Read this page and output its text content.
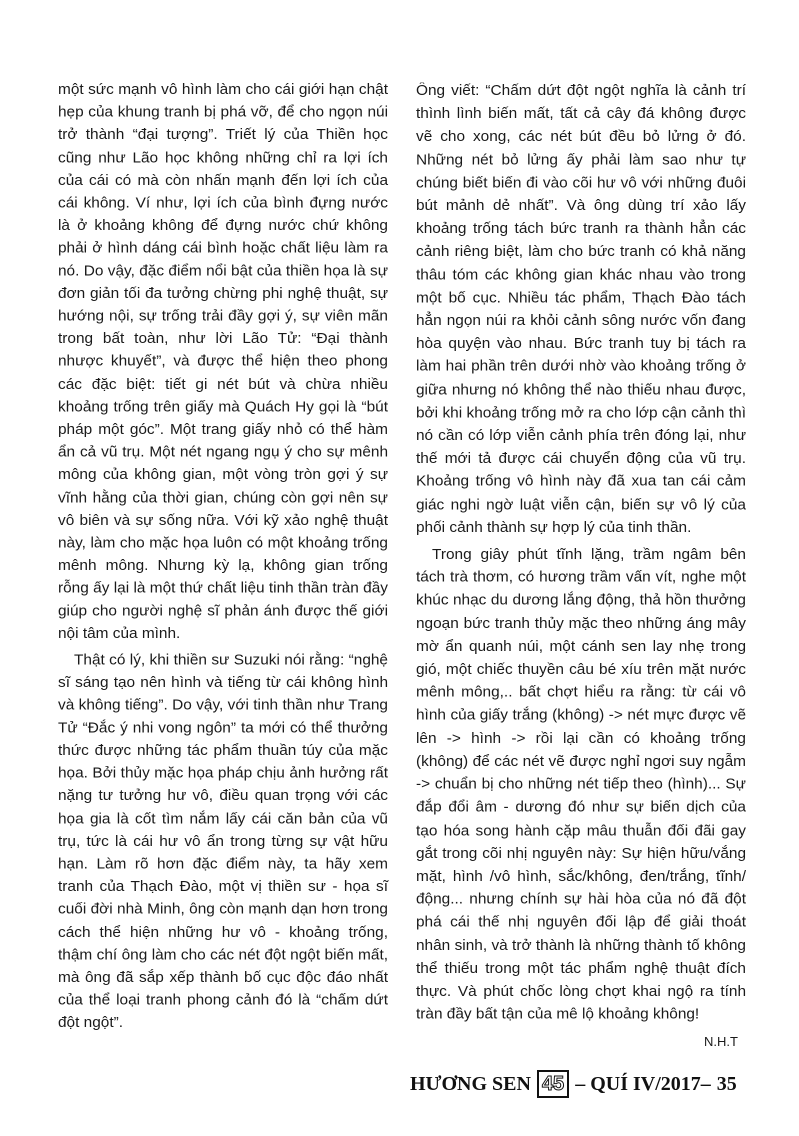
một sức mạnh vô hình làm cho cái giới hạn chật hẹp của khung tranh bị phá vỡ, để cho ngọn núi trở thành “đại tượng”. Triết lý của Thiền học cũng như Lão học không những chỉ ra lợi ích của cái có mà còn nhấn mạnh đến lợi ích của cái không. Ví như, lợi ích của bình đựng nước là ở khoảng không để đựng nước chứ không phải ở hình dáng cái bình hoặc chất liệu làm ra nó. Do vậy, đặc điểm nổi bật của thiền họa là sự đơn giản tối đa tưởng chừng phi nghệ thuật, sự hướng nội, sự trống trải đầy gợi ý, sự viên mãn trong bất toàn, như lời Lão Tử: “Đại thành nhược khuyết”, và được thể hiện theo phong các đặc biệt: tiết gi nét bút và chừa nhiều khoảng trống trên giấy mà Quách Hy gọi là “bút pháp một góc”. Một trang giấy nhỏ có thể hàm ẩn cả vũ trụ. Một nét ngang ngụ ý cho sự mênh mông của không gian, một vòng tròn gợi ý sự vĩnh hằng của thời gian, chúng còn gợi nên sự vô biên và sự sống nữa. Với kỹ xảo nghệ thuật này, làm cho mặc họa luôn có một khoảng trống mênh mông. Nhưng kỳ lạ, không gian trống rỗng ấy lại là một thứ chất liệu tinh thần tràn đầy giúp cho người nghệ sĩ phản ánh được thế giới nội tâm của mình.

Thật có lý, khi thiền sư Suzuki nói rằng: “nghệ sĩ sáng tạo nên hình và tiếng từ cái không hình và không tiếng”. Do vậy, với tinh thần như Trang Tử “Đắc ý nhi vong ngôn” ta mới có thể thưởng thức được những tác phẩm thuần túy của mặc họa. Bởi thủy mặc họa pháp chịu ảnh hưởng rất nặng tư tưởng hư vô, điều quan trọng với các họa gia là cốt tìm nắm lấy cái căn bản của vũ trụ, tức là cái hư vô ẩn trong từng sự vật hữu hạn. Làm rõ hơn đặc điểm này, ta hãy xem tranh của Thạch Đào, một vị thiền sư - họa sĩ cuối đời nhà Minh, ông còn mạnh dạn hơn trong cách thể hiện những hư vô - khoảng trống, thậm chí ông làm cho các nét đột ngột biến mất, mà ông đã sắp xếp thành bố cục độc đáo nhất của thể loại tranh phong cảnh đó là “chấm dứt đột ngột”.

Ông viết: “Chấm dứt đột ngột nghĩa là cảnh trí thình lình biến mất, tất cả cây đá không được vẽ cho xong, các nét bút đều bỏ lửng ở đó. Những nét bỏ lửng ấy phải làm sao như tự chúng biết biến đi vào cõi hư vô với những đuôi bút mảnh dẻ nhất”. Và ông dùng trí xảo lấy khoảng trống tách bức tranh ra thành hẳn các cảnh riêng biệt, làm cho bức tranh có khả năng thâu tóm các không gian khác nhau vào trong một bố cục. Nhiều tác phẩm, Thạch Đào tách hẳn ngọn núi ra khỏi cảnh sông nước vốn đang hòa quyện vào nhau. Bức tranh tuy bị tách ra làm hai phần trên dưới nhờ vào khoảng trống ở giữa nhưng nó không thể nào thiếu nhau được, bởi khi khoảng trống mở ra cho lớp cận cảnh thì nó cần có lớp viễn cảnh phía trên đóng lại, như thế mới tả được cái chuyển động của vũ trụ. Khoảng trống vô hình này đã xua tan cái cảm giác nghi ngờ luật viễn cận, biến sự vô lý của phối cảnh thành sự hợp lý của tinh thần.

Trong giây phút tĩnh lặng, trầm ngâm bên tách trà thơm, có hương trầm vấn vít, nghe một khúc nhạc du dương lắng động, thả hồn thưởng ngoạn bức tranh thủy mặc theo những áng mây mờ ẩn quanh núi, một cánh sen lay nhẹ trong gió, một chiếc thuyền câu bé xíu trên mặt nước mênh mông,.. bất chợt hiểu ra rằng: từ cái vô hình của giấy trắng (không) -> nét mực được vẽ lên -> hình -> rồi lại cần có khoảng trống (không) để các nét vẽ được nghỉ ngơi suy ngẫm -> chuẩn bị cho những nét tiếp theo (hình)... Sự đắp đổi âm - dương đó như sự biến dịch của tạo hóa song hành cặp mâu thuẫn đối đãi gay gắt trong cõi nhị nguyên này: Sự hiện hữu/vắng mặt, hình /vô hình, sắc/không, đen/trắng, tĩnh/động... nhưng chính sự hài hòa của nó đã đột phá cái thế nhị nguyên đối lập để giải thoát nhân sinh, và trở thành là những thành tố không thể thiếu trong một tác phẩm nghệ thuật đích thực. Và phút chốc lòng chợt khai ngộ ra tính tràn đầy bất tận của mê lộ khoảng không!

N.H.T
HƯƠNG SEN 45 – QUÍ IV/2017– 35
